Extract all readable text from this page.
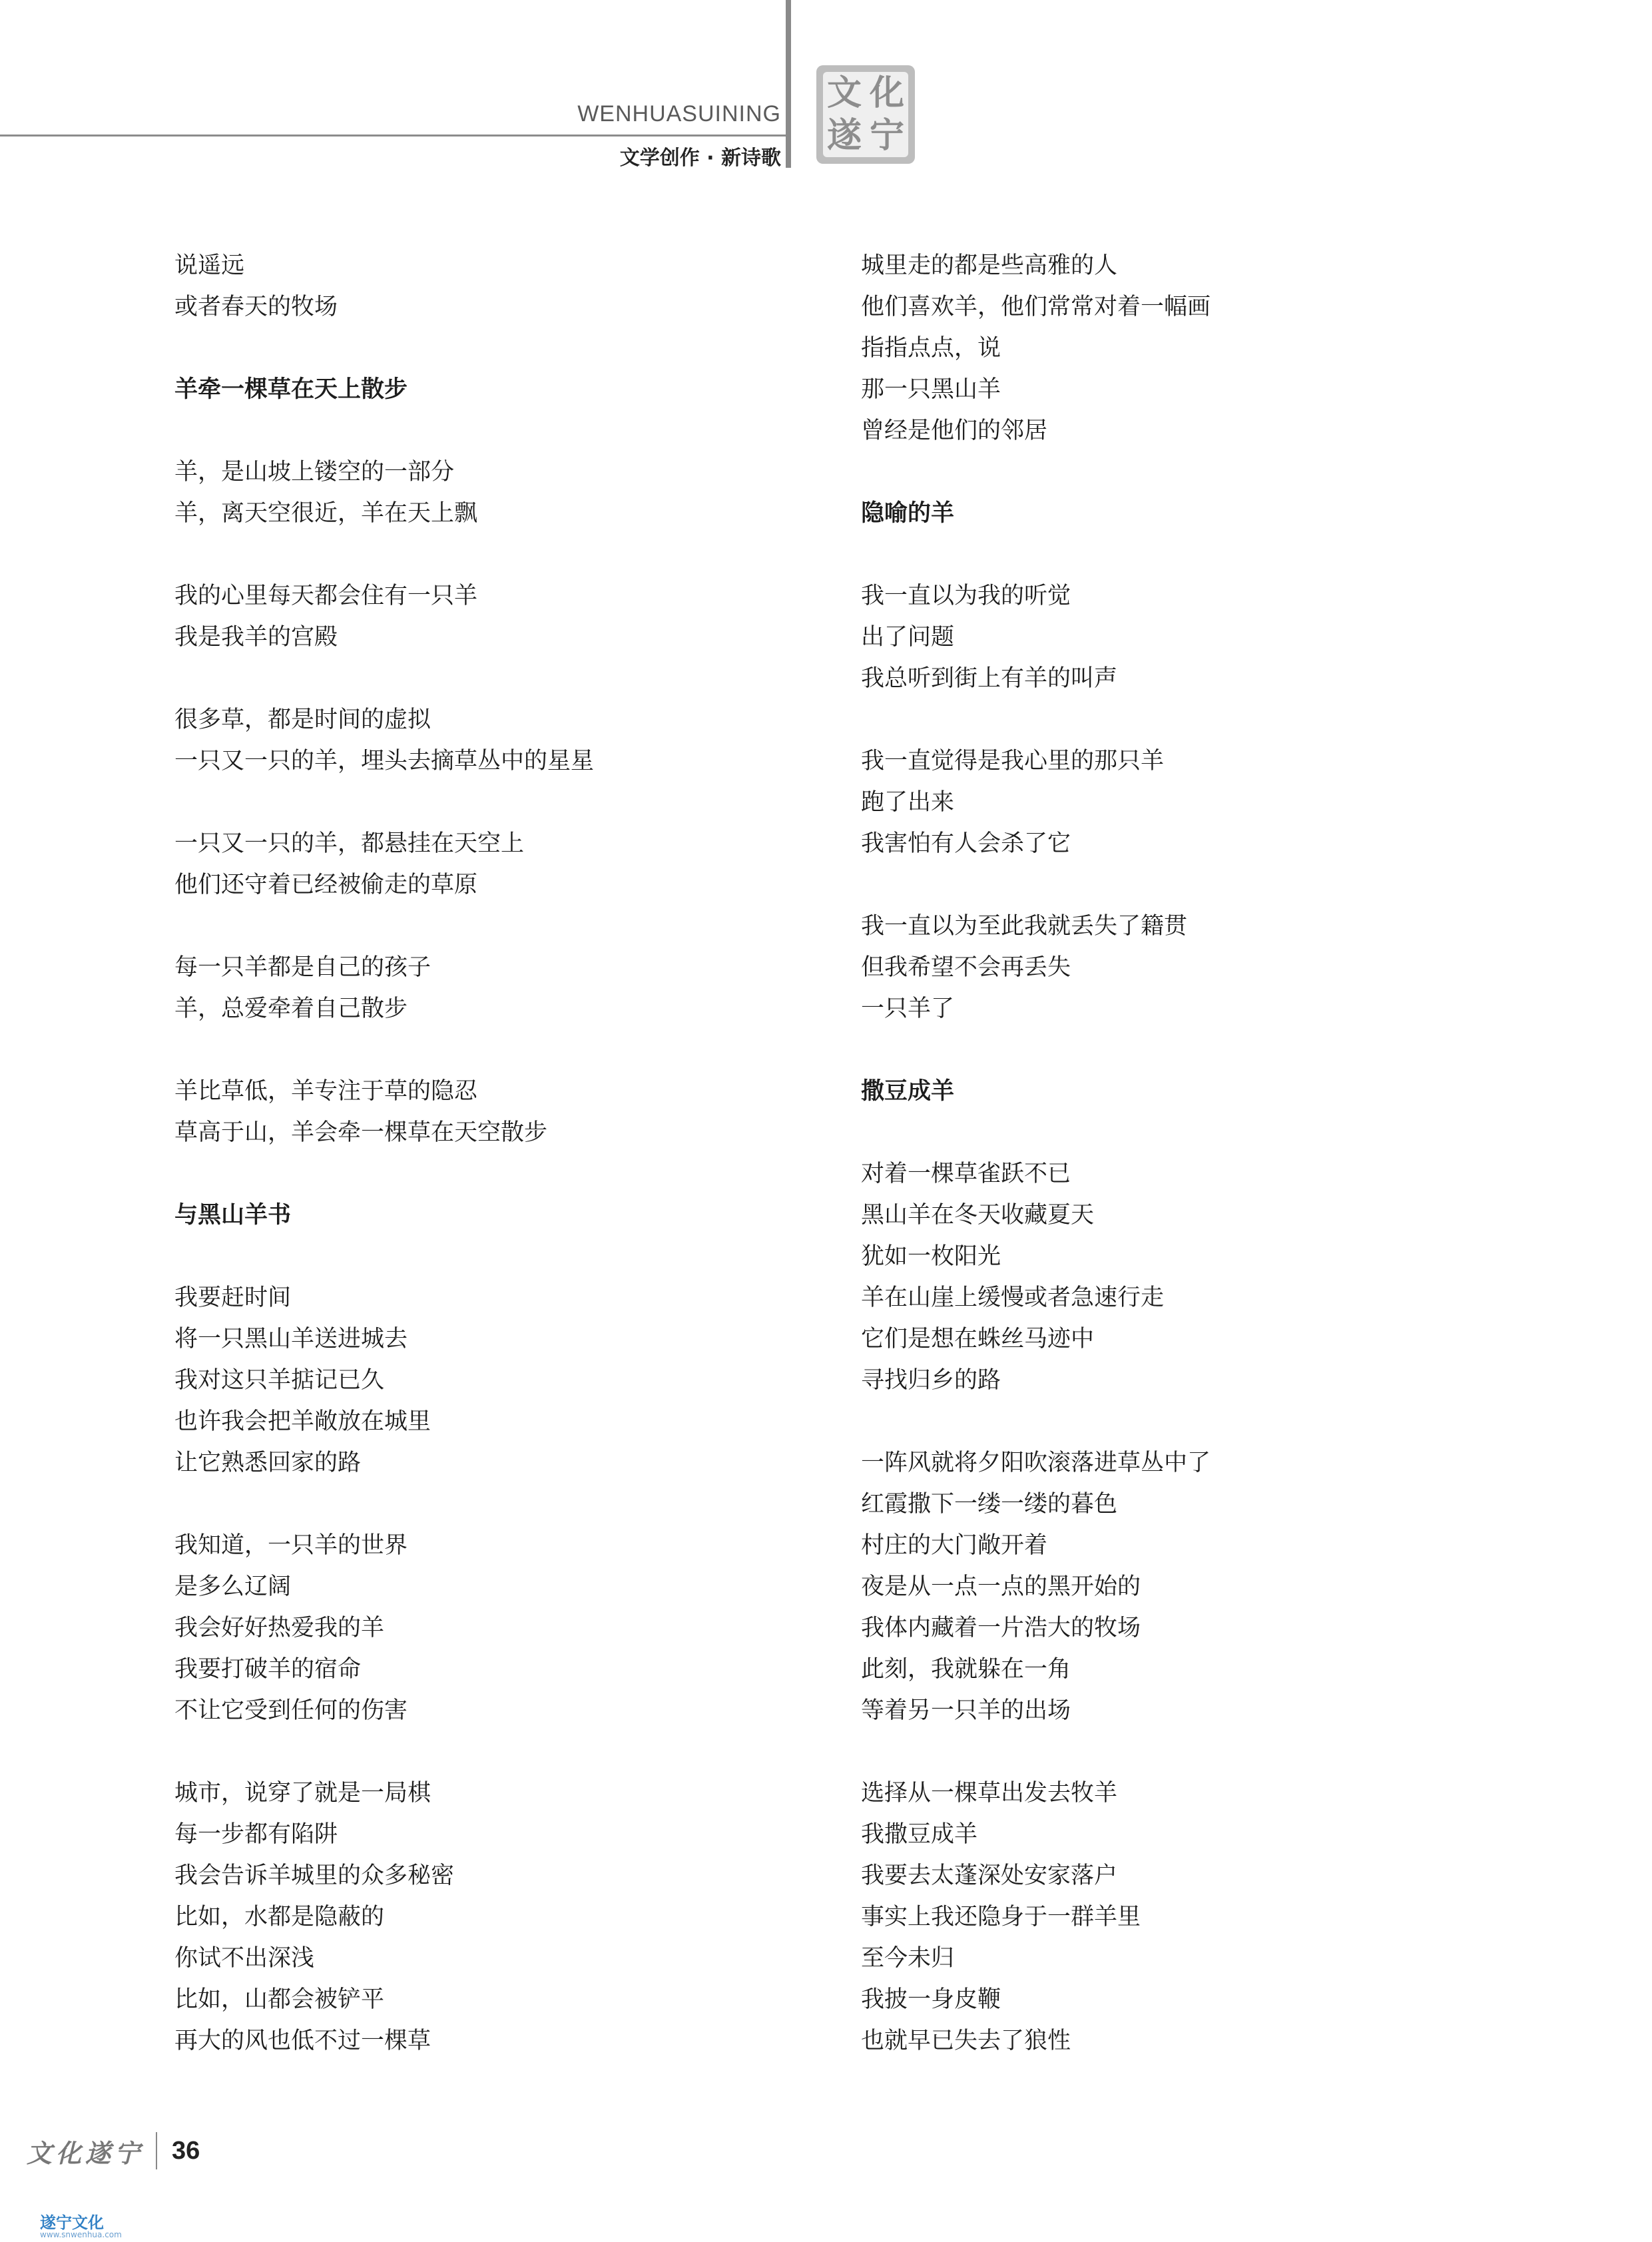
WENHUASUINING
文学创作 · 新诗歌
文 化
遂 宁
说遥远
或者春天的牧场
羊牵一棵草在天上散步
羊，是山坡上镂空的一部分
羊，离天空很近，羊在天上飘
我的心里每天都会住有一只羊
我是我羊的宫殿
很多草，都是时间的虚拟
一只又一只的羊，埋头去摘草丛中的星星
一只又一只的羊，都悬挂在天空上
他们还守着已经被偷走的草原
每一只羊都是自己的孩子
羊，总爱牵着自己散步
羊比草低，羊专注于草的隐忍
草高于山，羊会牵一棵草在天空散步
与黑山羊书
我要赶时间
将一只黑山羊送进城去
我对这只羊掂记已久
也许我会把羊敞放在城里
让它熟悉回家的路
我知道，一只羊的世界
是多么辽阔
我会好好热爱我的羊
我要打破羊的宿命
不让它受到任何的伤害
城市，说穿了就是一局棋
每一步都有陷阱
我会告诉羊城里的众多秘密
比如，水都是隐蔽的
你试不出深浅
比如，山都会被铲平
再大的风也低不过一棵草
城里走的都是些高雅的人
他们喜欢羊，他们常常对着一幅画
指指点点，说
那一只黑山羊
曾经是他们的邻居
隐喻的羊
我一直以为我的听觉
出了问题
我总听到街上有羊的叫声
我一直觉得是我心里的那只羊
跑了出来
我害怕有人会杀了它
我一直以为至此我就丢失了籍贯
但我希望不会再丢失
一只羊了
撒豆成羊
对着一棵草雀跃不已
黑山羊在冬天收藏夏天
犹如一枚阳光
羊在山崖上缓慢或者急速行走
它们是想在蛛丝马迹中
寻找归乡的路
一阵风就将夕阳吹滚落进草丛中了
红霞撒下一缕一缕的暮色
村庄的大门敞开着
夜是从一点一点的黑开始的
我体内藏着一片浩大的牧场
此刻，我就躲在一角
等着另一只羊的出场
选择从一棵草出发去牧羊
我撒豆成羊
我要去太蓬深处安家落户
事实上我还隐身于一群羊里
至今未归
我披一身皮鞭
也就早已失去了狼性
文化遂宁 36
遂宁文化
www.snwenhua.com
